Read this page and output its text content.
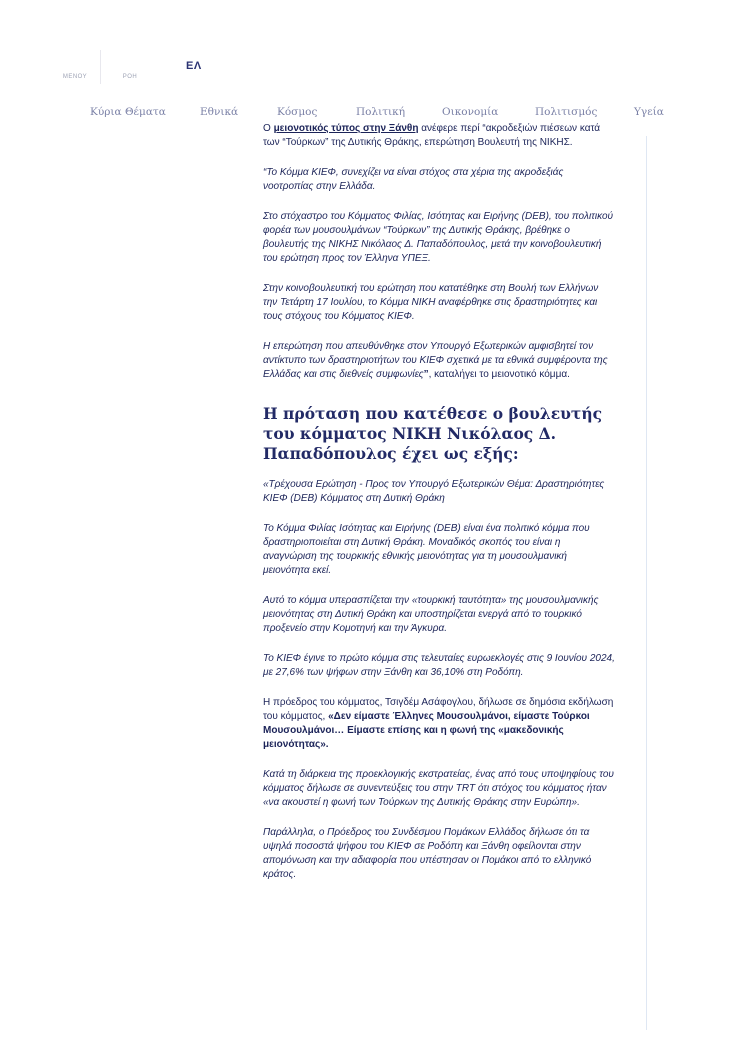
ΜΕΝΟΥ	ΡΟΗ
ΕΛ
Κύρια Θέματα	Εθνικά	Κόσμος	Πολιτική	Οικονομία	Πολιτισμός	Υγεία

Ο μειονοτικός τύπος στην Ξάνθη ανέφερε περί “ακροδεξιών πιέσεων κατά των “Τούρκων” της Δυτικής Θράκης, επερώτηση Βουλευτή της ΝΙΚΗΣ.

“Το Κόμμα ΚΙΕΦ, συνεχίζει να είναι στόχος στα χέρια της ακροδεξιάς νοοτροπίας στην Ελλάδα.

Στο στόχαστρο του Κόμματος Φιλίας, Ισότητας και Ειρήνης (DEB), του πολιτικού φορέα των μουσουλμάνων “Τούρκων” της Δυτικής Θράκης, βρέθηκε ο βουλευτής της ΝΙΚΗΣ Νικόλαος Δ. Παπαδόπουλος, μετά την κοινοβουλευτική του ερώτηση προς τον Έλληνα ΥΠΕΞ.

Στην κοινοβουλευτική του ερώτηση που κατατέθηκε στη Βουλή των Ελλήνων την Τετάρτη 17 Ιουλίου, το Κόμμα ΝΙΚΗ αναφέρθηκε στις δραστηριότητες και τους στόχους του Κόμματος ΚΙΕΦ.

Η επερώτηση που απευθύνθηκε στον Υπουργό Εξωτερικών αμφισβητεί τον αντίκτυπο των δραστηριοτήτων του ΚΙΕΦ σχετικά με τα εθνικά συμφέροντα της Ελλάδας και στις διεθνείς συμφωνίες”, καταλήγει το μειονοτικό κόμμα.

Η πρόταση που κατέθεσε ο βουλευτής του κόμματος ΝΙΚΗ Νικόλαος Δ. Παπαδόπουλος έχει ως εξής:

«Τρέχουσα Ερώτηση - Προς τον Υπουργό Εξωτερικών Θέμα: Δραστηριότητες ΚΙΕΦ (DEB) Κόμματος στη Δυτική Θράκη

Το Κόμμα Φιλίας Ισότητας και Ειρήνης (DEB) είναι ένα πολιτικό κόμμα που δραστηριοποιείται στη Δυτική Θράκη. Μοναδικός σκοπός του είναι η αναγνώριση της τουρκικής εθνικής μειονότητας για τη μουσουλμανική μειονότητα εκεί.

Αυτό το κόμμα υπερασπίζεται την «τουρκική ταυτότητα» της μουσουλμανικής μειονότητας στη Δυτική Θράκη και υποστηρίζεται ενεργά από το τουρκικό προξενείο στην Κομοτηνή και την Άγκυρα.

Το ΚΙΕΦ έγινε το πρώτο κόμμα στις τελευταίες ευρωεκλογές στις 9 Ιουνίου 2024, με 27,6% των ψήφων στην Ξάνθη και 36,10% στη Ροδόπη.

Η πρόεδρος του κόμματος, Τσιγδέμ Ασάφογλου, δήλωσε σε δημόσια εκδήλωση του κόμματος, «Δεν είμαστε Έλληνες Μουσουλμάνοι, είμαστε Τούρκοι Μουσουλμάνοι… Είμαστε επίσης και η φωνή της «μακεδονικής μειονότητας».

Κατά τη διάρκεια της προεκλογικής εκστρατείας, ένας από τους υποψηφίους του κόμματος δήλωσε σε συνεντεύξεις του στην TRT ότι στόχος του κόμματος ήταν «να ακουστεί η φωνή των Τούρκων της Δυτικής Θράκης στην Ευρώπη».

Παράλληλα, ο Πρόεδρος του Συνδέσμου Πομάκων Ελλάδος δήλωσε ότι τα υψηλά ποσοστά ψήφου του ΚΙΕΦ σε Ροδόπη και Ξάνθη οφείλονται στην απομόνωση και την αδιαφορία που υπέστησαν οι Πομάκοι από το ελληνικό κράτος.
